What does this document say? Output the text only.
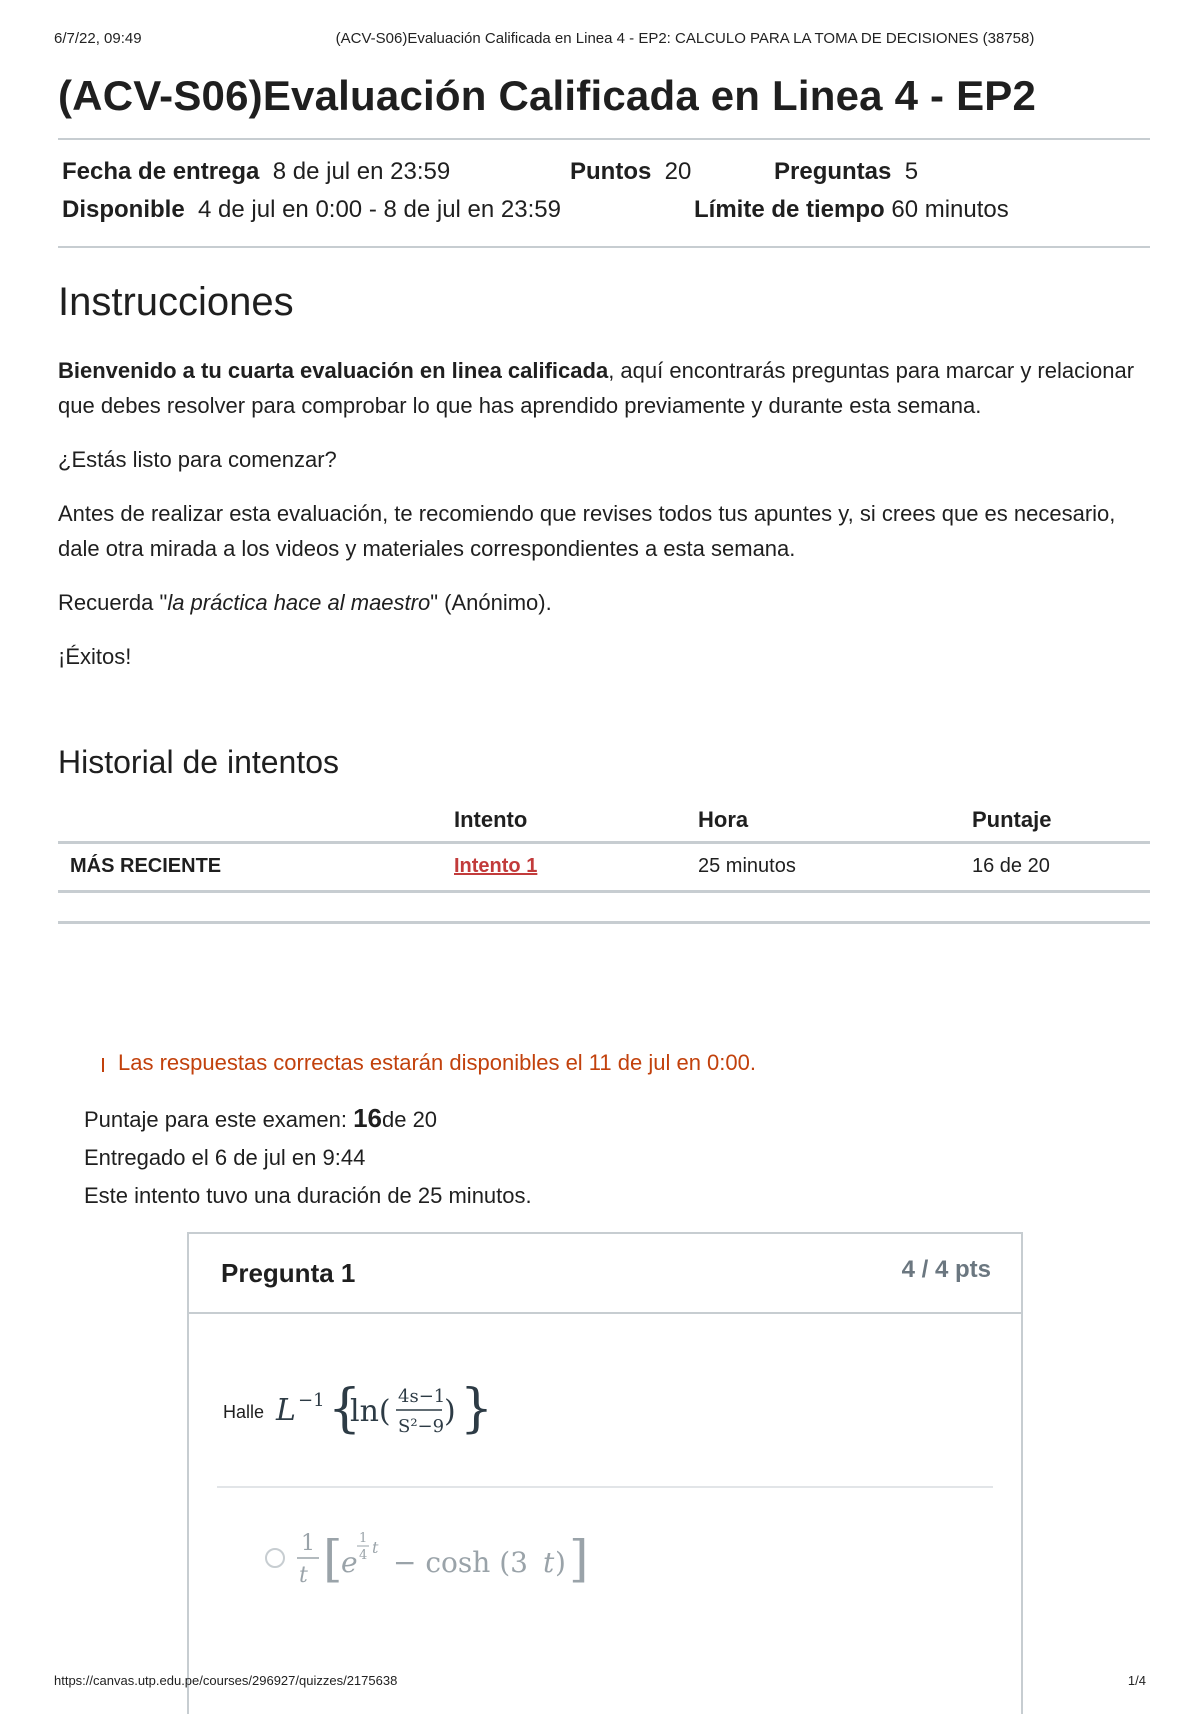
6/7/22, 09:49	(ACV-S06)Evaluación Calificada en Linea 4 - EP2: CALCULO PARA LA TOMA DE DECISIONES (38758)
(ACV-S06)Evaluación Calificada en Linea 4 - EP2
Fecha de entrega 8 de jul en 23:59	Puntos 20	Preguntas 5
Disponible 4 de jul en 0:00 - 8 de jul en 23:59	Límite de tiempo 60 minutos
Instrucciones

Bienvenido a tu cuarta evaluación en linea calificada, aquí encontrarás preguntas para marcar y relacionar que debes resolver para comprobar lo que has aprendido previamente y durante esta semana.

¿Estás listo para comenzar?

Antes de realizar esta evaluación, te recomiendo que revises todos tus apuntes y, si crees que es necesario, dale otra mirada a los videos y materiales correspondientes a esta semana.

Recuerda "la práctica hace al maestro" (Anónimo).

¡Éxitos!

Historial de intentos
	Intento	Hora	Puntaje
MÁS RECIENTE	Intento 1	25 minutos	16 de 20
Las respuestas correctas estarán disponibles el 11 de jul en 0:00.
Puntaje para este examen: 16de 20
Entregado el 6 de jul en 9:44
Este intento tuvo una duración de 25 minutos.
Pregunta 1	4 / 4 pts
Halle L −1 {
ln( 4s−1
S²−9 ) }
1
t [
e
1
4 t − cosh (3 t ) ]
https://canvas.utp.edu.pe/courses/296927/quizzes/2175638	1/4
